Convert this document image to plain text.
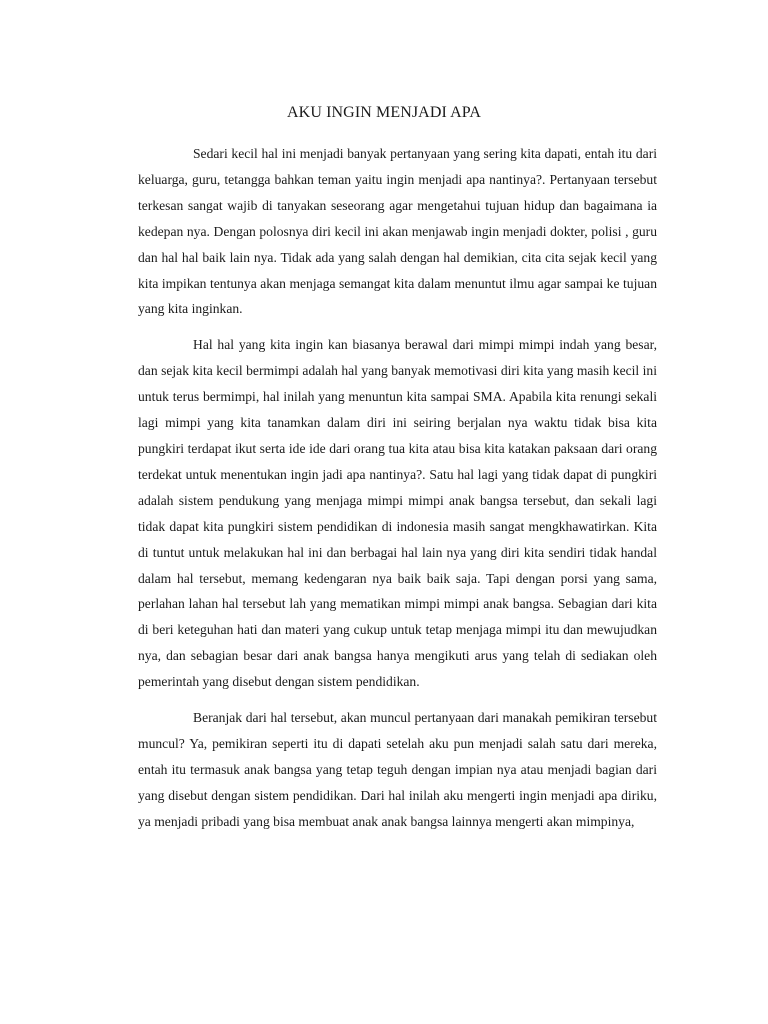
AKU INGIN MENJADI APA

Sedari kecil hal ini menjadi banyak pertanyaan yang sering kita dapati, entah itu dari keluarga, guru, tetangga bahkan teman yaitu ingin menjadi apa nantinya?. Pertanyaan tersebut terkesan sangat wajib di tanyakan seseorang agar mengetahui tujuan hidup dan bagaimana ia kedepan nya. Dengan polosnya diri kecil ini akan menjawab ingin menjadi dokter, polisi , guru dan hal hal baik lain nya. Tidak ada yang salah dengan hal demikian, cita cita sejak kecil yang kita impikan tentunya akan menjaga semangat kita dalam menuntut ilmu agar sampai ke tujuan yang kita inginkan.

Hal hal yang kita ingin kan biasanya berawal dari mimpi mimpi indah yang besar, dan sejak kita kecil bermimpi adalah hal yang banyak memotivasi diri kita yang masih kecil ini untuk terus bermimpi, hal inilah yang menuntun kita sampai SMA. Apabila kita renungi sekali lagi mimpi yang kita tanamkan dalam diri ini seiring berjalan nya waktu tidak bisa kita pungkiri terdapat ikut serta ide ide dari orang tua kita atau bisa kita katakan paksaan dari orang terdekat untuk menentukan ingin jadi apa nantinya?. Satu hal lagi yang tidak dapat di pungkiri adalah sistem pendukung yang menjaga mimpi mimpi anak bangsa tersebut, dan sekali lagi tidak dapat kita pungkiri sistem pendidikan di indonesia masih sangat mengkhawatirkan. Kita di tuntut untuk melakukan hal ini dan berbagai hal lain nya yang diri kita sendiri tidak handal dalam hal tersebut, memang kedengaran nya baik baik saja. Tapi dengan porsi yang sama, perlahan lahan hal tersebut lah yang mematikan mimpi mimpi anak bangsa. Sebagian dari kita di beri keteguhan hati dan materi yang cukup untuk tetap menjaga mimpi itu dan mewujudkan nya, dan sebagian besar dari anak bangsa hanya mengikuti arus yang telah di sediakan oleh pemerintah yang disebut dengan sistem pendidikan.

Beranjak dari hal tersebut, akan muncul pertanyaan dari manakah pemikiran tersebut muncul? Ya, pemikiran seperti itu di dapati setelah aku pun menjadi salah satu dari mereka, entah itu termasuk anak bangsa yang tetap teguh dengan impian nya atau menjadi bagian dari yang disebut dengan sistem pendidikan. Dari hal inilah aku mengerti ingin menjadi apa diriku, ya menjadi pribadi yang bisa membuat anak anak bangsa lainnya mengerti akan mimpinya,
